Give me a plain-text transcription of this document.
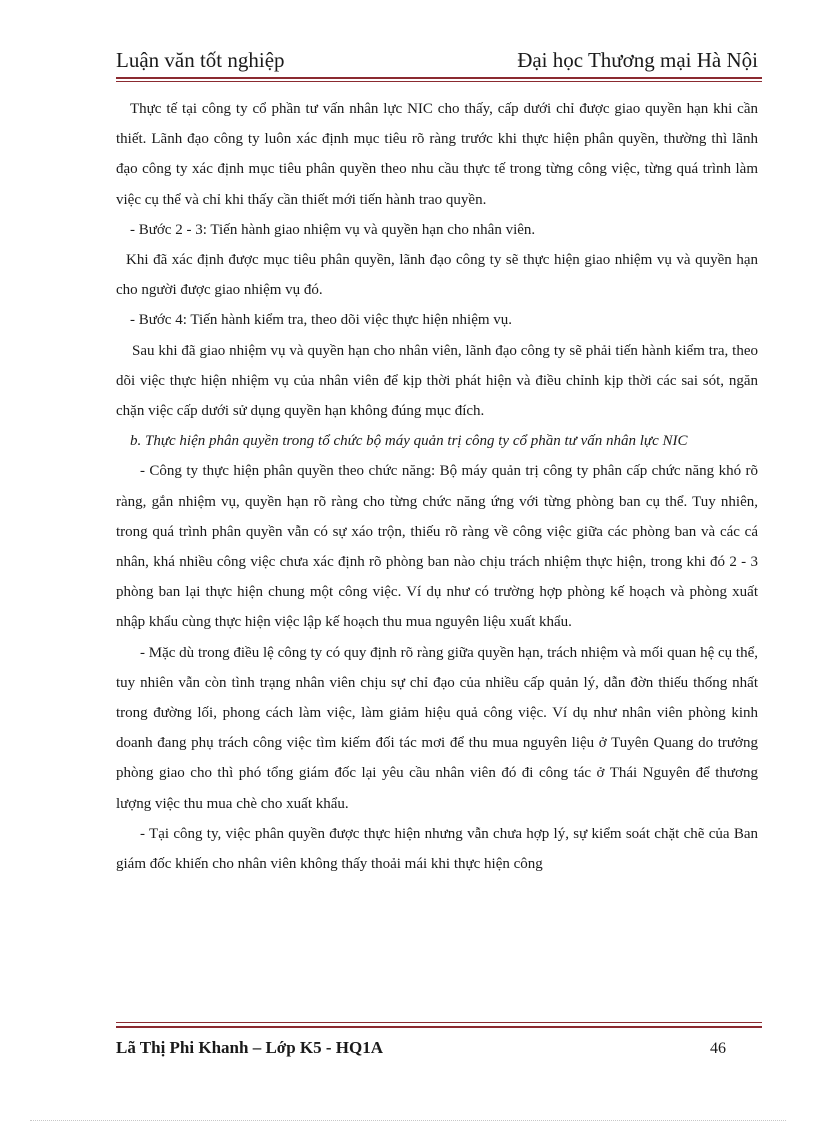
Luận văn tốt nghiệp	Đại học Thương mại Hà Nội

Thực tế tại công ty cổ phần tư vấn nhân lực NIC cho thấy, cấp dưới chỉ được giao quyền hạn khi cần thiết. Lãnh đạo công ty luôn xác định mục tiêu rõ ràng trước khi thực hiện phân quyền, thường thì lãnh đạo công ty xác định mục tiêu phân quyền theo nhu cầu thực tế trong từng công việc, từng quá trình làm việc cụ thể và chỉ khi thấy cần thiết mới tiến hành trao quyền.

- Bước 2 - 3: Tiến hành giao nhiệm vụ và quyền hạn cho nhân viên.

Khi đã xác định được mục tiêu phân quyền, lãnh đạo công ty sẽ thực hiện giao nhiệm vụ và quyền hạn cho người được giao nhiệm vụ đó.

- Bước 4: Tiến hành kiểm tra, theo dõi việc thực hiện nhiệm vụ.

Sau khi đã giao nhiệm vụ và quyền hạn cho nhân viên, lãnh đạo công ty sẽ phải tiến hành kiểm tra, theo dõi việc thực hiện nhiệm vụ của nhân viên để kịp thời phát hiện và điều chỉnh kịp thời các sai sót, ngăn chặn việc cấp dưới sử dụng quyền hạn không đúng mục đích.

b. Thực hiện phân quyền trong tổ chức bộ máy quản trị công ty cổ phần tư vấn nhân lực NIC

- Công ty thực hiện phân quyền theo chức năng: Bộ máy quản trị công ty phân cấp chức năng khó rõ ràng, gắn nhiệm vụ, quyền hạn rõ ràng cho từng chức năng ứng với từng phòng ban cụ thể. Tuy nhiên, trong quá trình phân quyền vẫn có sự xáo trộn, thiếu rõ ràng về công việc giữa các phòng ban và các cá nhân, khá nhiều công việc chưa xác định rõ phòng ban nào chịu trách nhiệm thực hiện, trong khi đó 2 - 3 phòng ban lại thực hiện chung một công việc. Ví dụ như có trường hợp phòng kế hoạch và phòng xuất nhập khẩu cùng thực hiện việc lập kế hoạch thu mua nguyên liệu xuất khẩu.

- Mặc dù trong điều lệ công ty có quy định rõ ràng giữa quyền hạn, trách nhiệm và mối quan hệ cụ thể, tuy nhiên vẫn còn tình trạng nhân viên chịu sự chỉ đạo của nhiều cấp quản lý, dẫn đờn thiếu thống nhất trong đường lối, phong cách làm việc, làm giảm hiệu quả công việc. Ví dụ như nhân viên phòng kinh doanh đang phụ trách công việc tìm kiếm đối tác mơi để thu mua nguyên liệu ở Tuyên Quang do trưởng phòng giao cho thì phó tổng giám đốc lại yêu cầu nhân viên đó đi công tác ở Thái Nguyên để thương lượng việc thu mua chè cho xuất khẩu.

- Tại công ty, việc phân quyền được thực hiện nhưng vẫn chưa hợp lý, sự kiểm soát chặt chẽ của Ban giám đốc khiến cho nhân viên không thấy thoải mái khi thực hiện công

Lã Thị Phi Khanh – Lớp K5 - HQ1A	46
